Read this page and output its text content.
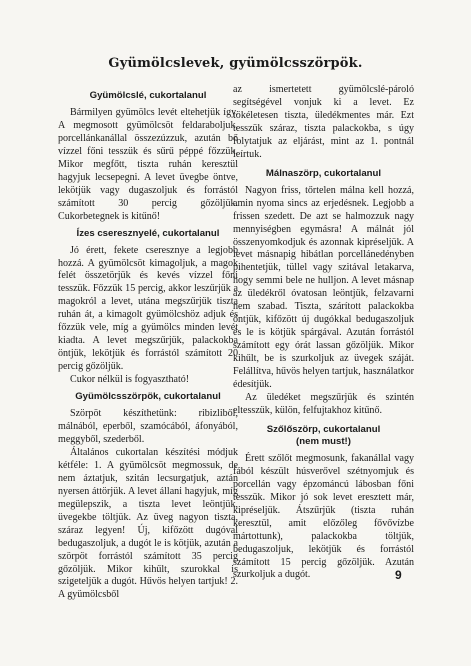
Gyümölcslevek, gyümölcsszörpök.
Gyümölcslé, cukortalanul

Bármilyen gyümölcs levét eltehetjük így. A megmosott gyümölcsöt feldaraboljuk, porcellánkanállal összezúzzuk, azután bő vízzel főni tesszük és sűrű péppé főzzük. Mikor megfőtt, tiszta ruhán keresztül hagyjuk lecsepegni. A levet üvegbe öntve, lekötjük vagy dugaszoljuk és forrástól számított 30 percig gőzöljük. Cukorbetegnek is kitűnő!

Ízes cseresznyelé, cukortalanul

Jó érett, fekete cseresznye a legjobb hozzá. A gyümölcsöt kimagoljuk, a magok felét összetörjük és kevés vízzel főni tesszük. Főzzük 15 percig, akkor leszűrjük a magokról a levet, utána megszűrjük tiszta ruhán át, a kimagolt gyümölcshöz adjuk és főzzük vele, míg a gyümölcs minden levét kiadta. A levet megszűrjük, palackokba öntjük, lekötjük és forrástól számított 20 percig gőzöljük.

Cukor nélkül is fogyasztható!

Gyümölcsszörpök, cukortalanul

Szörpöt készíthetünk: ribizliből, málnából, eperből, szamócából, áfonyából, meggyből, szederből.

Általános cukortalan készítési módjuk kétféle: 1. A gyümölcsöt megmossuk, de nem áztatjuk, szitán lecsurgatjuk, aztán nyersen áttörjük. A levet állani hagyjuk, míg megülepszik, a tiszta levet leöntjük, üvegekbe töltjük. Az üveg nagyon tiszta, száraz legyen! Új, kifőzött dugóval bedugaszoljuk, a dugót le is kötjük, azután a szörpöt forrástól számított 35 percig gőzöljük. Mikor kihűlt, szurokkal is szigeteljük a dugót. Hűvös helyen tartjuk! 2. A gyümölcsből

az ismertetett gyümölcslé-pároló segítségével vonjuk ki a levet. Ez tökéletesen tiszta, üledékmentes már. Ezt tesszük száraz, tiszta palackokba, s úgy folytatjuk az eljárást, mint az 1. pontnál leírtuk.

Málnaszörp, cukortalanul

Nagyon friss, tőrtelen málna kell hozzá, amin nyoma sincs az erjedésnek. Legjobb a frissen szedett. De azt se halmozzuk nagy mennyiségben egymásra! A málnát jól összenyomkodjuk és azonnak kipréseljük. A levet másnapig hibátlan porcellánedényben pihentetjük, tüllel vagy szitával letakarva, hogy semmi bele ne hulljon. A levet másnap az üledékről óvatosan leöntjük, felzavarni nem szabad. Tiszta, szárított palackokba öntjük, kifőzött új dugókkal bedugaszoljuk és le is kötjük spárgával. Azután forrástól számított egy órát lassan gőzöljük. Mikor kihűlt, be is szurkoljuk az üvegek száját. Felállítva, hűvös helyen tartjuk, használatkor édesítjük.

Az üledéket megszűrjük és szintén eltesszük, külön, felfujtakhoz kitűnő.

Szőlőszörp, cukortalanul
(nem must!)

Érett szőlőt megmosunk, fakanállal vagy fából készült húsverővel szétnyomjuk és porcellán vagy épzománcú lábosban főni tesszük. Mikor jó sok levet eresztett már, kipréseljük. Átszűrjük (tiszta ruhán keresztül, amit előzőleg fővővízbe mártottunk), palackokba töltjük, bedugaszoljuk, lekötjük és forrástól számított 15 percig gőzöljük. Azután szurkoljuk a dugót.	9
